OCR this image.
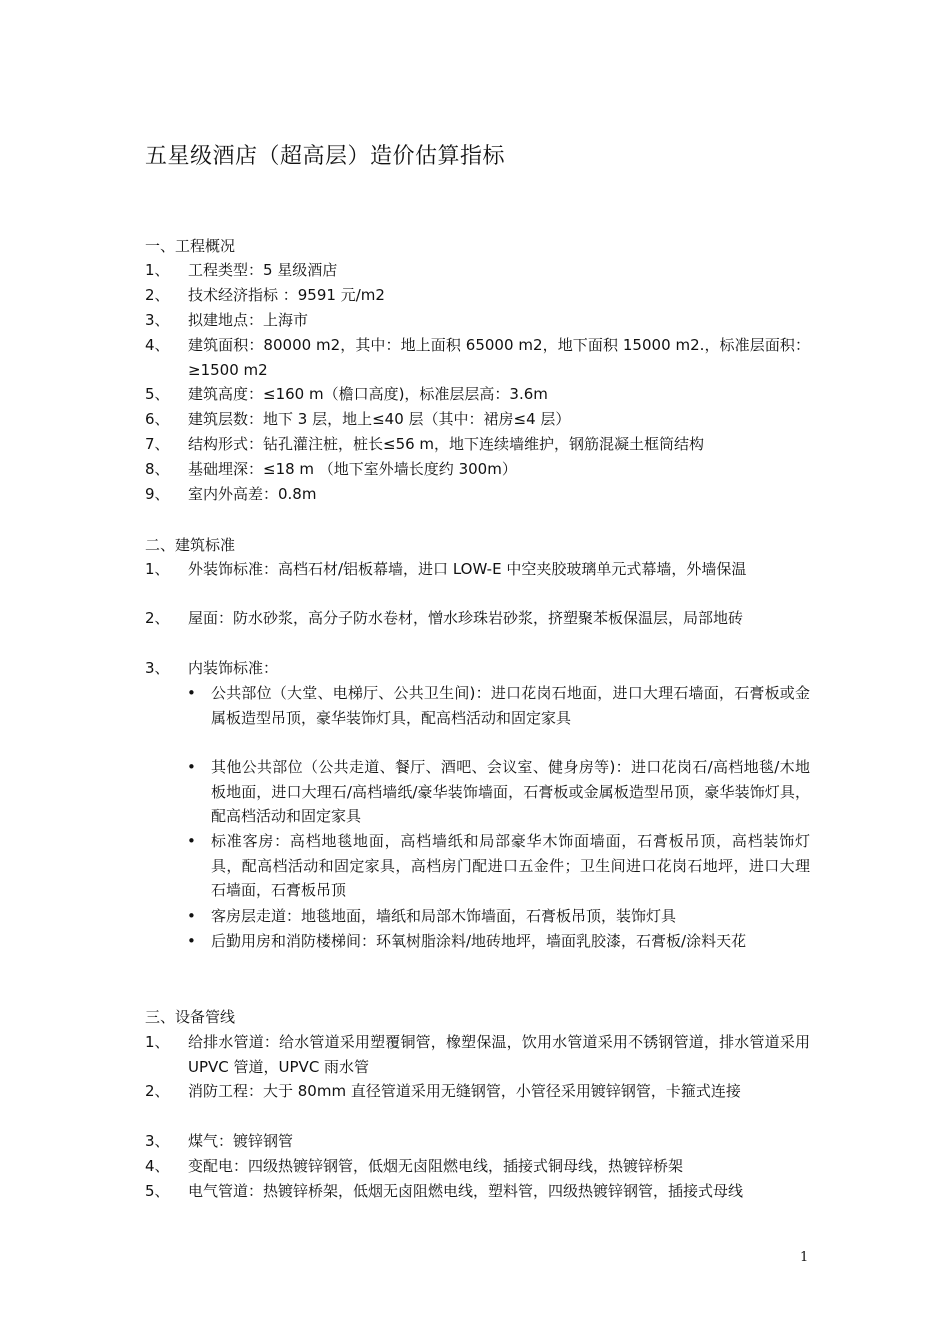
五星级酒店（超高层）造价估算指标
一、工程概况
1、 工程类型：5 星级酒店
2、 技术经济指标 ：9591 元/m2
3、 拟建地点：上海市
4、 建筑面积：80000 m2，其中：地上面积 65000 m2，地下面积 15000 m2.，标准层面积：≥1500 m2
5、 建筑高度：≤160 m（檐口高度)，标准层层高：3.6m
6、 建筑层数：地下 3 层，地上≤40 层（其中：裙房≤4 层）
7、 结构形式：钻孔灌注桩，桩长≤56 m，地下连续墙维护，钢筋混凝土框筒结构
8、 基础埋深：≤18 m （地下室外墙长度约 300m）
9、 室内外高差：0.8m
二、建筑标准
1、 外装饰标准：高档石材/铝板幕墙，进口 LOW-E 中空夹胶玻璃单元式幕墙，外墙保温
2、 屋面：防水砂浆，高分子防水卷材，憎水珍珠岩砂浆，挤塑聚苯板保温层，局部地砖
3、 内装饰标准：
• 公共部位（大堂、电梯厅、公共卫生间)：进口花岗石地面，进口大理石墙面，石膏板或金属板造型吊顶，豪华装饰灯具，配高档活动和固定家具
• 其他公共部位（公共走道、餐厅、酒吧、会议室、健身房等)：进口花岗石/高档地毯/木地板地面，进口大理石/高档墙纸/豪华装饰墙面，石膏板或金属板造型吊顶，豪华装饰灯具，配高档活动和固定家具
• 标准客房：高档地毯地面，高档墙纸和局部豪华木饰面墙面，石膏板吊顶，高档装饰灯具，配高档活动和固定家具，高档房门配进口五金件；卫生间进口花岗石地坪，进口大理石墙面，石膏板吊顶
• 客房层走道：地毯地面，墙纸和局部木饰墙面，石膏板吊顶，装饰灯具
• 后勤用房和消防楼梯间：环氧树脂涂料/地砖地坪，墙面乳胶漆，石膏板/涂料天花
三、设备管线
1、 给排水管道：给水管道采用塑覆铜管，橡塑保温，饮用水管道采用不锈钢管道，排水管道采用 UPVC 管道，UPVC 雨水管
2、 消防工程：大于 80mm 直径管道采用无缝钢管，小管径采用镀锌钢管，卡箍式连接
3、 煤气：镀锌钢管
4、 变配电：四级热镀锌钢管，低烟无卤阻燃电线，插接式铜母线，热镀锌桥架
5、 电气管道：热镀锌桥架，低烟无卤阻燃电线，塑料管，四级热镀锌钢管，插接式母线
1
